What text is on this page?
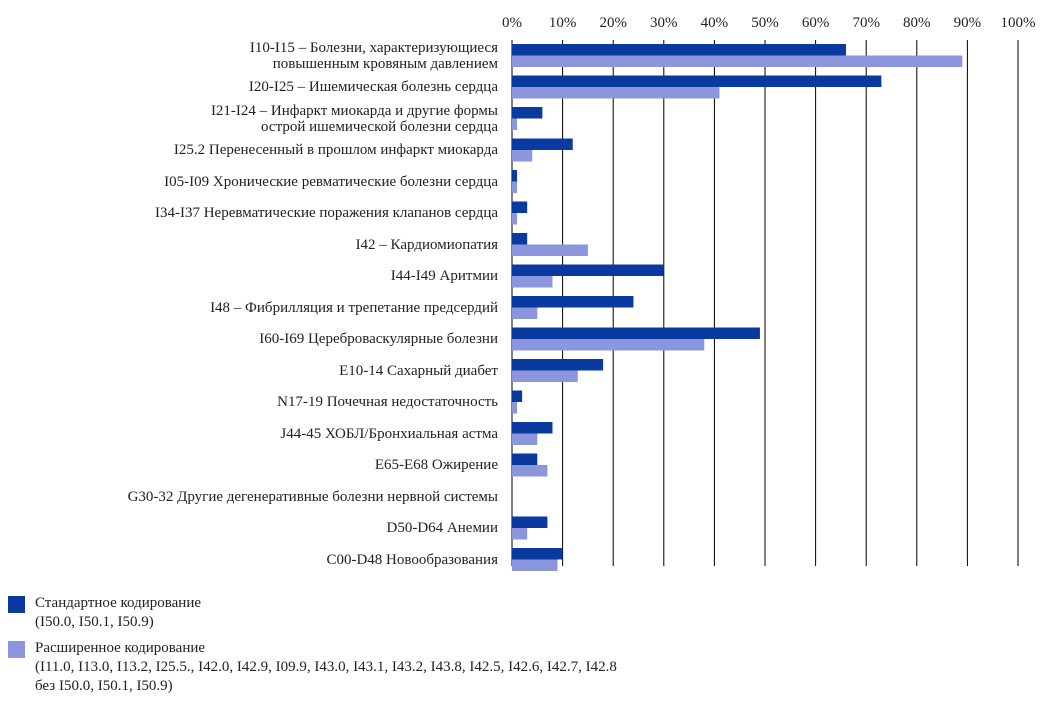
0% 10% 20% 30% 40% 50% 60% 70% 80% 90% 100%
I10-I15 – Болезни, характеризующиеся
повышенным кровяным давлением
I20-I25 – Ишемическая болезнь сердца
I21-I24 – Инфаркт миокарда и другие формы
острой ишемической болезни сердца
I25.2 Перенесенный в прошлом инфаркт миокарда
I05-I09 Хронические ревматические болезни сердца
I34-I37 Неревматические поражения клапанов сердца
I42 – Кардиомиопатия
I44-I49 Аритмии
I48 – Фибрилляция и трепетание предсердий
I60-I69 Цереброваскулярные болезни
E10-14 Сахарный диабет
N17-19 Почечная недостаточность
J44-45 ХОБЛ/Бронхиальная астма
E65-E68 Ожирение
G30-32 Другие дегенеративные болезни нервной системы
D50-D64 Анемии
C00-D48 Новообразования
Стандартное кодирование
(I50.0, I50.1, I50.9)
Расширенное кодирование
(I11.0, I13.0, I13.2, I25.5., I42.0, I42.9, I09.9, I43.0, I43.1, I43.2, I43.8, I42.5, I42.6, I42.7, I42.8
без I50.0, I50.1, I50.9)
